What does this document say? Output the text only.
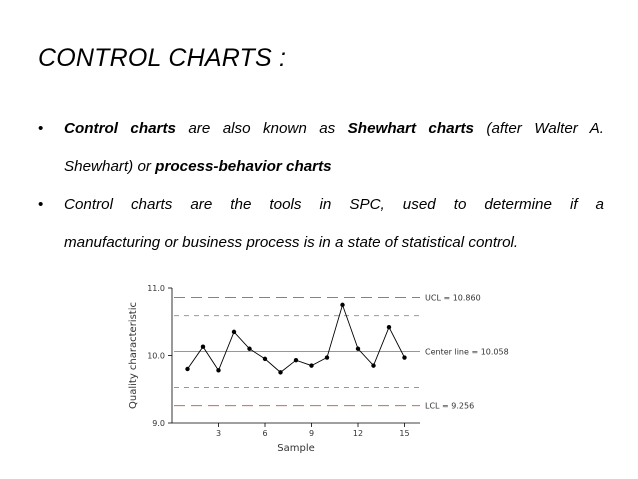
CONTROL CHARTS :
• Control charts are also known as Shewhart charts (after Walter A.
Shewhart) or process-behavior charts
• Control charts are the tools in SPC, used to determine if a
manufacturing or business process is in a state of statistical control.
9.0
10.0
11.0
3	6	9	12	15
Sample
Quality characteristic
UCL = 10.860
Center line = 10.058
LCL = 9.256
